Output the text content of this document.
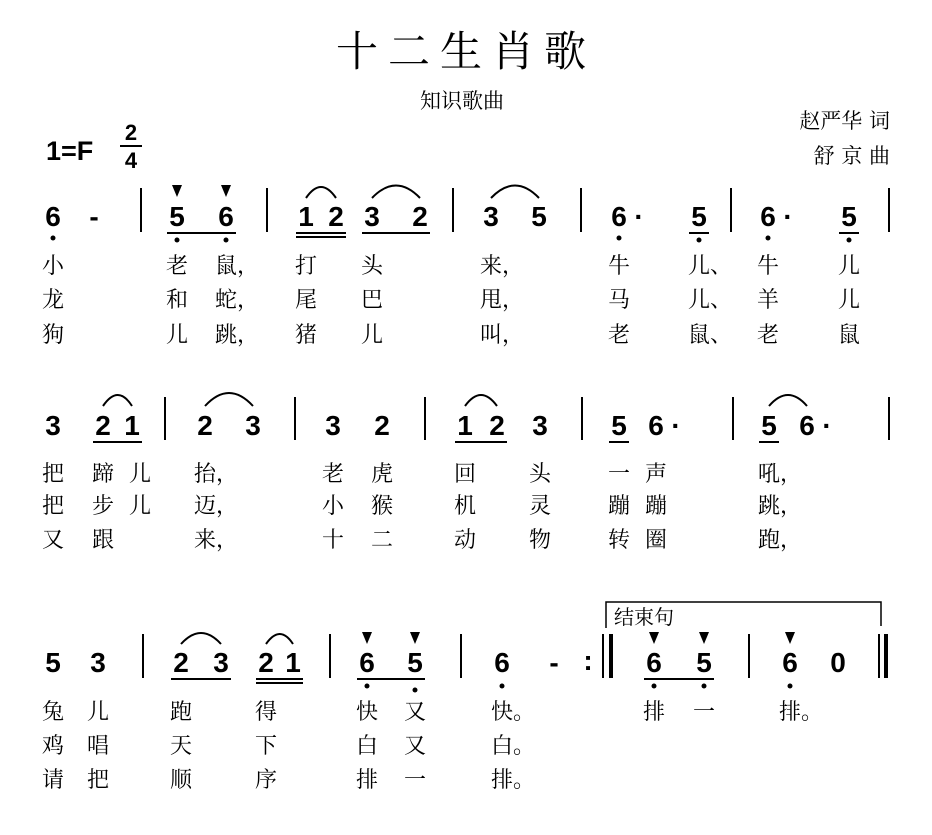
十二生肖歌
知识歌曲
赵严华 词
舒 京 曲
1=F
2
4
6 -	5 6 1 2 3 2 3 5 6 · 5 6 · 5
小	老 鼠， 打 头	来，	牛	儿、 牛	儿
龙	和 蛇， 尾 巴	甩，	马	儿、 羊	儿
狗	儿 跳， 猪 儿	叫，	老	鼠、 老	鼠
3 2 1 2 3 3 2 1 2 3 5 6 ·	5 6 ·
把 蹄 儿 抬，	老 虎	回 头	一 声	吼，
把 步 儿 迈，	小 猴	机 灵	蹦 蹦	跳，
又 跟	来，	十 二	动 物	转 圈	跑，
结束句
5 3 2 3 2 1 6 5	6 - : 6 5	6 0
兔 儿	跑	得	快 又	快。	排 一	排。
鸡 唱	天	下	白 又	白。
请 把	顺	序	排 一	排。
